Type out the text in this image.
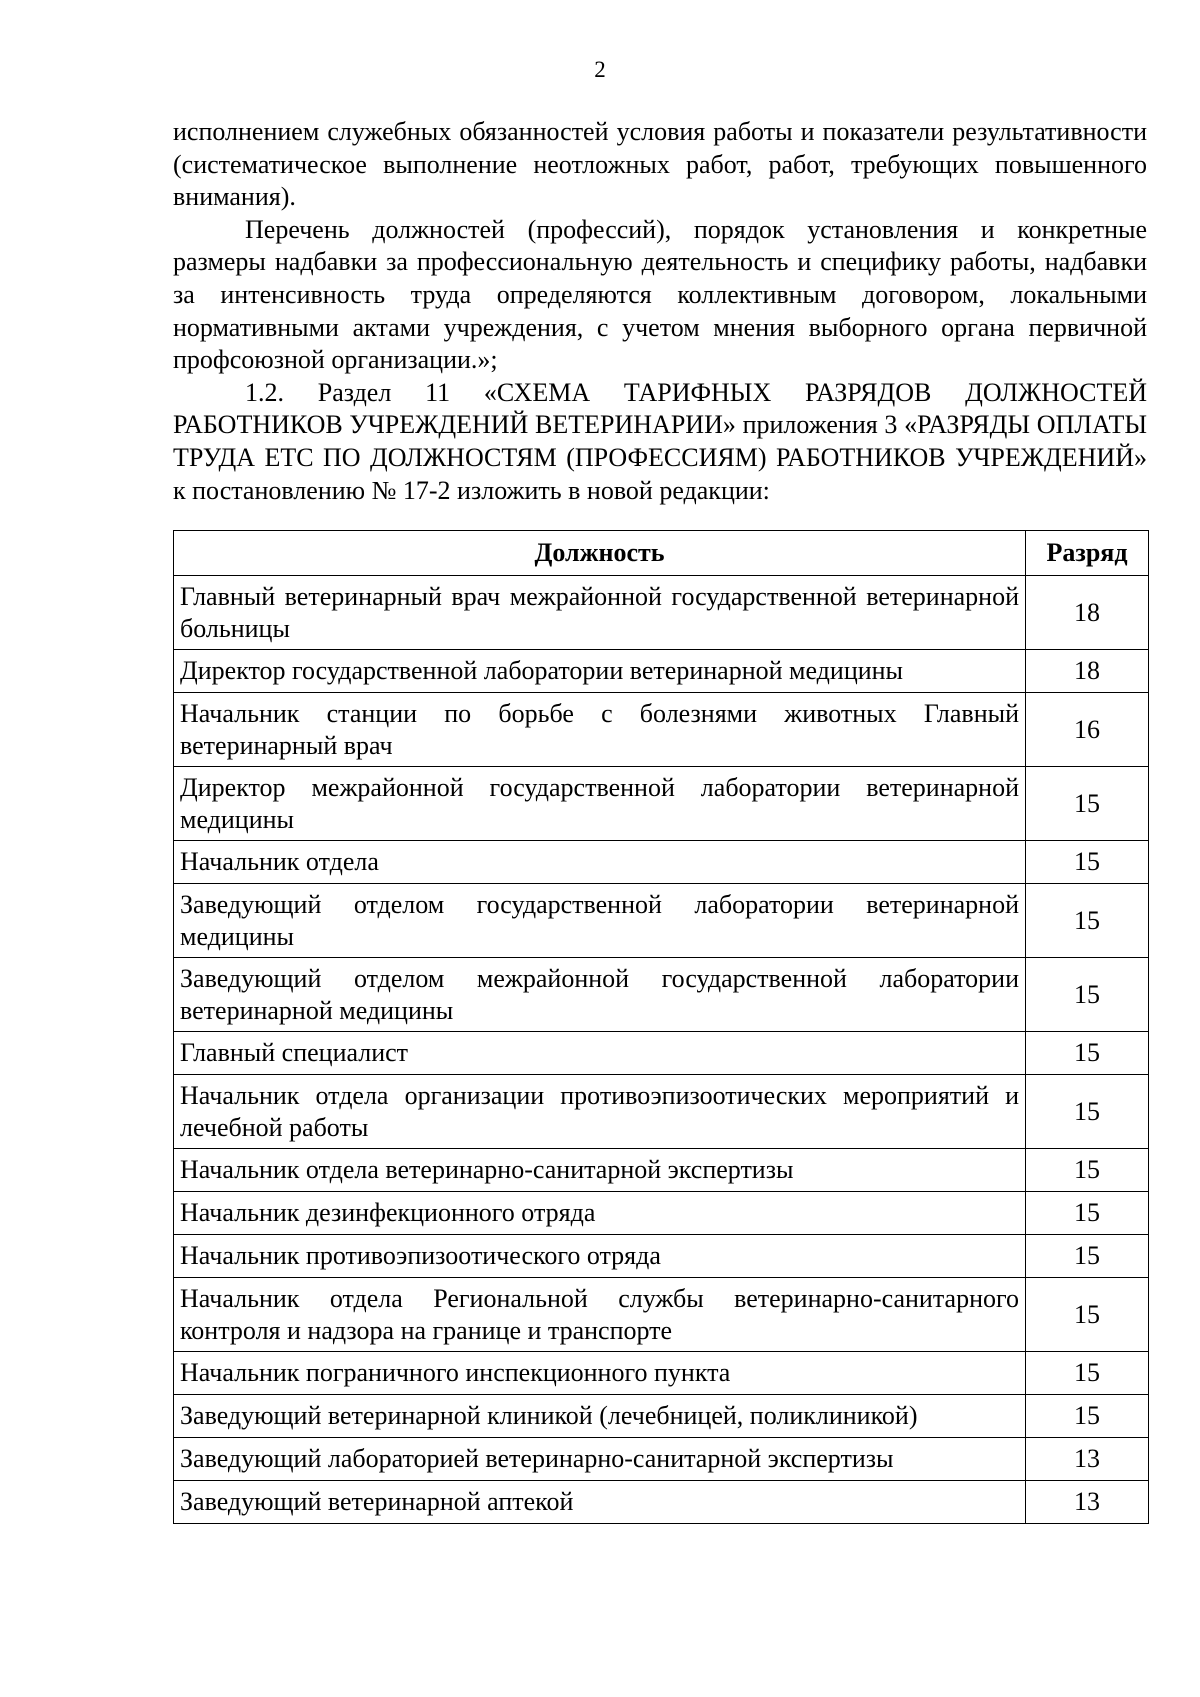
2

исполнением служебных обязанностей условия работы и показатели результативности (систематическое выполнение неотложных работ, работ, требующих повышенного внимания).

Перечень должностей (профессий), порядок установления и конкретные размеры надбавки за профессиональную деятельность и специфику работы, надбавки за интенсивность труда определяются коллективным договором, локальными нормативными актами учреждения, с учетом мнения выборного органа первичной профсоюзной организации.»;

1.2. Раздел 11 «СХЕМА ТАРИФНЫХ РАЗРЯДОВ ДОЛЖНОСТЕЙ РАБОТНИКОВ УЧРЕЖДЕНИЙ ВЕТЕРИНАРИИ» приложения 3 «РАЗРЯДЫ ОПЛАТЫ ТРУДА ЕТС ПО ДОЛЖНОСТЯМ (ПРОФЕССИЯМ) РАБОТНИКОВ УЧРЕЖДЕНИЙ» к постановлению № 17-2 изложить в новой редакции:

Должность	Разряд
Главный ветеринарный врач межрайонной государственной ветеринарной больницы	18
Директор государственной лаборатории ветеринарной медицины	18
Начальник станции по борьбе с болезнями животных Главный ветеринарный врач	16
Директор межрайонной государственной лаборатории ветеринарной медицины	15
Начальник отдела	15
Заведующий отделом государственной лаборатории ветеринарной медицины	15
Заведующий отделом межрайонной государственной лаборатории ветеринарной медицины	15
Главный специалист	15
Начальник отдела организации противоэпизоотических мероприятий и лечебной работы	15
Начальник отдела ветеринарно-санитарной экспертизы	15
Начальник дезинфекционного отряда	15
Начальник противоэпизоотического отряда	15
Начальник отдела Региональной службы ветеринарно-санитарного контроля и надзора на границе и транспорте	15
Начальник пограничного инспекционного пункта	15
Заведующий ветеринарной клиникой (лечебницей, поликлиникой)	15
Заведующий лабораторией ветеринарно-санитарной экспертизы	13
Заведующий ветеринарной аптекой	13
